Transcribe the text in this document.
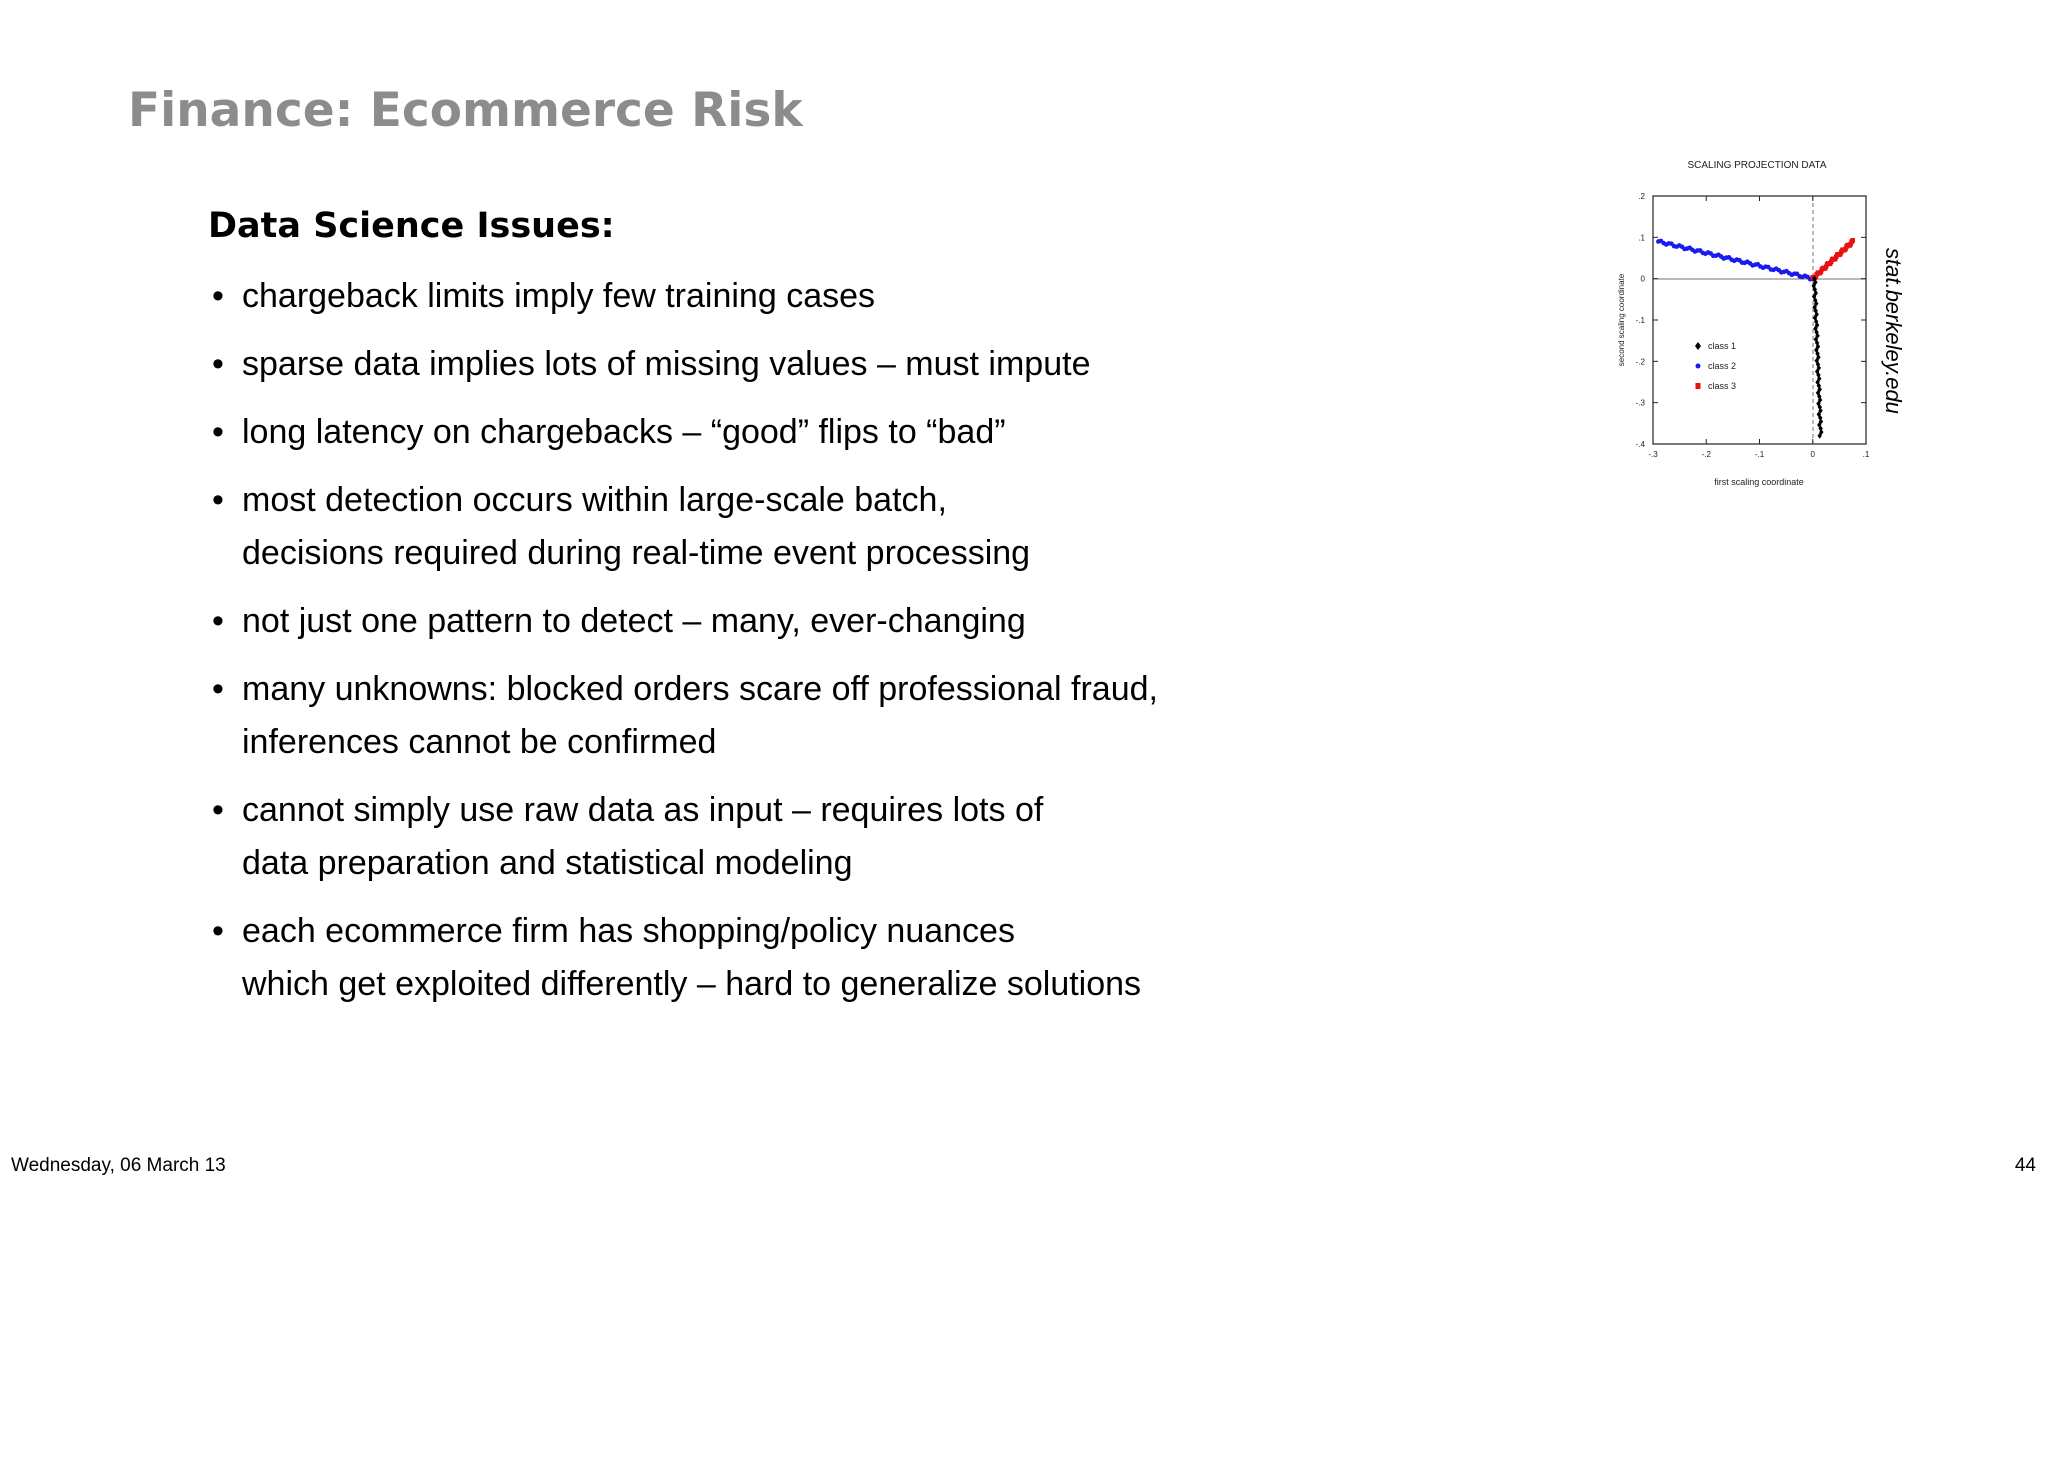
Finance: Ecommerce Risk
Data Science Issues:
• chargeback limits imply few training cases
• sparse data implies lots of missing values – must impute
• long latency on chargebacks – “good” flips to “bad”
• most detection occurs within large-scale batch,
decisions required during real-time event processing
• not just one pattern to detect – many, ever-changing
• many unknowns: blocked orders scare off professional fraud,
inferences cannot be confirmed
• cannot simply use raw data as input – requires lots of
data preparation and statistical modeling
• each ecommerce firm has shopping/policy nuances
which get exploited differently – hard to generalize solutions
SCALING PROJECTION DATA
-.3	-.2	-.1	0	.1
.2
.1
0
-.1
-.2
-.3
-.4
class 1
class 2
class 3
first scaling coordinate
second scaling coordinate	stat.berkeley.edu
Wednesday, 06 March 13	44
